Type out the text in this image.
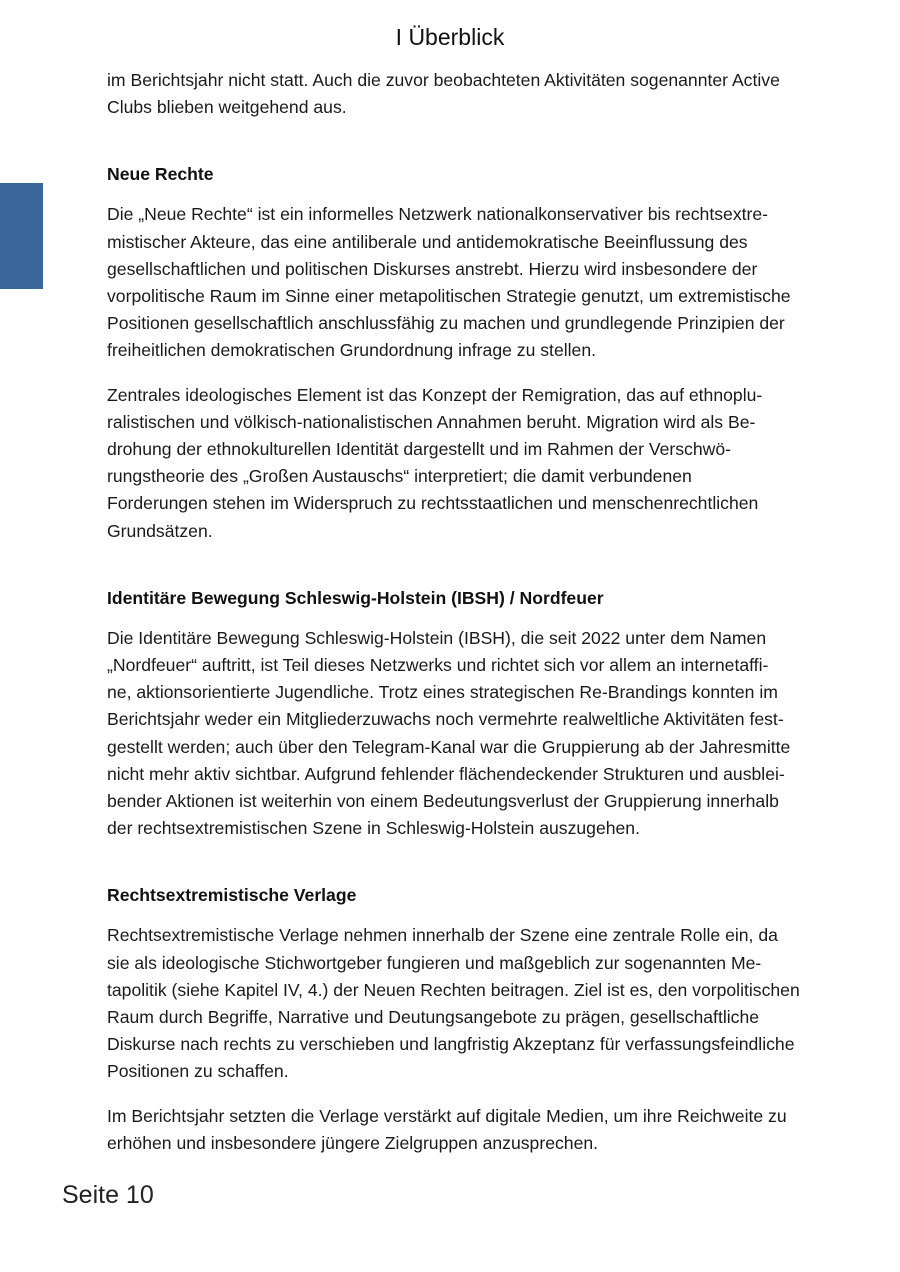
I Überblick

im Berichtsjahr nicht statt. Auch die zuvor beobachteten Aktivitäten sogenannter Active
Clubs blieben weitgehend aus.

Neue Rechte

Die „Neue Rechte“ ist ein informelles Netzwerk nationalkonservativer bis rechtsextre-
mistischer Akteure, das eine antiliberale und antidemokratische Beeinflussung des
gesellschaftlichen und politischen Diskurses anstrebt. Hierzu wird insbesondere der
vorpolitische Raum im Sinne einer metapolitischen Strategie genutzt, um extremistische
Positionen gesellschaftlich anschlussfähig zu machen und grundlegende Prinzipien der
freiheitlichen demokratischen Grundordnung infrage zu stellen.

Zentrales ideologisches Element ist das Konzept der Remigration, das auf ethnoplu-
ralistischen und völkisch-nationalistischen Annahmen beruht. Migration wird als Be-
drohung der ethnokulturellen Identität dargestellt und im Rahmen der Verschwö-
rungstheorie des „Großen Austauschs“ interpretiert; die damit verbundenen
Forderungen stehen im Widerspruch zu rechtsstaatlichen und menschenrechtlichen
Grundsätzen.

Identitäre Bewegung Schleswig-Holstein (IBSH) / Nordfeuer

Die Identitäre Bewegung Schleswig-Holstein (IBSH), die seit 2022 unter dem Namen
„Nordfeuer“ auftritt, ist Teil dieses Netzwerks und richtet sich vor allem an internetaffi-
ne, aktionsorientierte Jugendliche. Trotz eines strategischen Re-Brandings konnten im
Berichtsjahr weder ein Mitgliederzuwachs noch vermehrte realweltliche Aktivitäten fest-
gestellt werden; auch über den Telegram-Kanal war die Gruppierung ab der Jahresmitte
nicht mehr aktiv sichtbar. Aufgrund fehlender flächendeckender Strukturen und ausblei-
bender Aktionen ist weiterhin von einem Bedeutungsverlust der Gruppierung innerhalb
der rechtsextremistischen Szene in Schleswig-Holstein auszugehen.

Rechtsextremistische Verlage

Rechtsextremistische Verlage nehmen innerhalb der Szene eine zentrale Rolle ein, da
sie als ideologische Stichwortgeber fungieren und maßgeblich zur sogenannten Me-
tapolitik (siehe Kapitel IV, 4.) der Neuen Rechten beitragen. Ziel ist es, den vorpolitischen
Raum durch Begriffe, Narrative und Deutungsangebote zu prägen, gesellschaftliche
Diskurse nach rechts zu verschieben und langfristig Akzeptanz für verfassungsfeindliche
Positionen zu schaffen.

Im Berichtsjahr setzten die Verlage verstärkt auf digitale Medien, um ihre Reichweite zu
erhöhen und insbesondere jüngere Zielgruppen anzusprechen.

Seite 10
